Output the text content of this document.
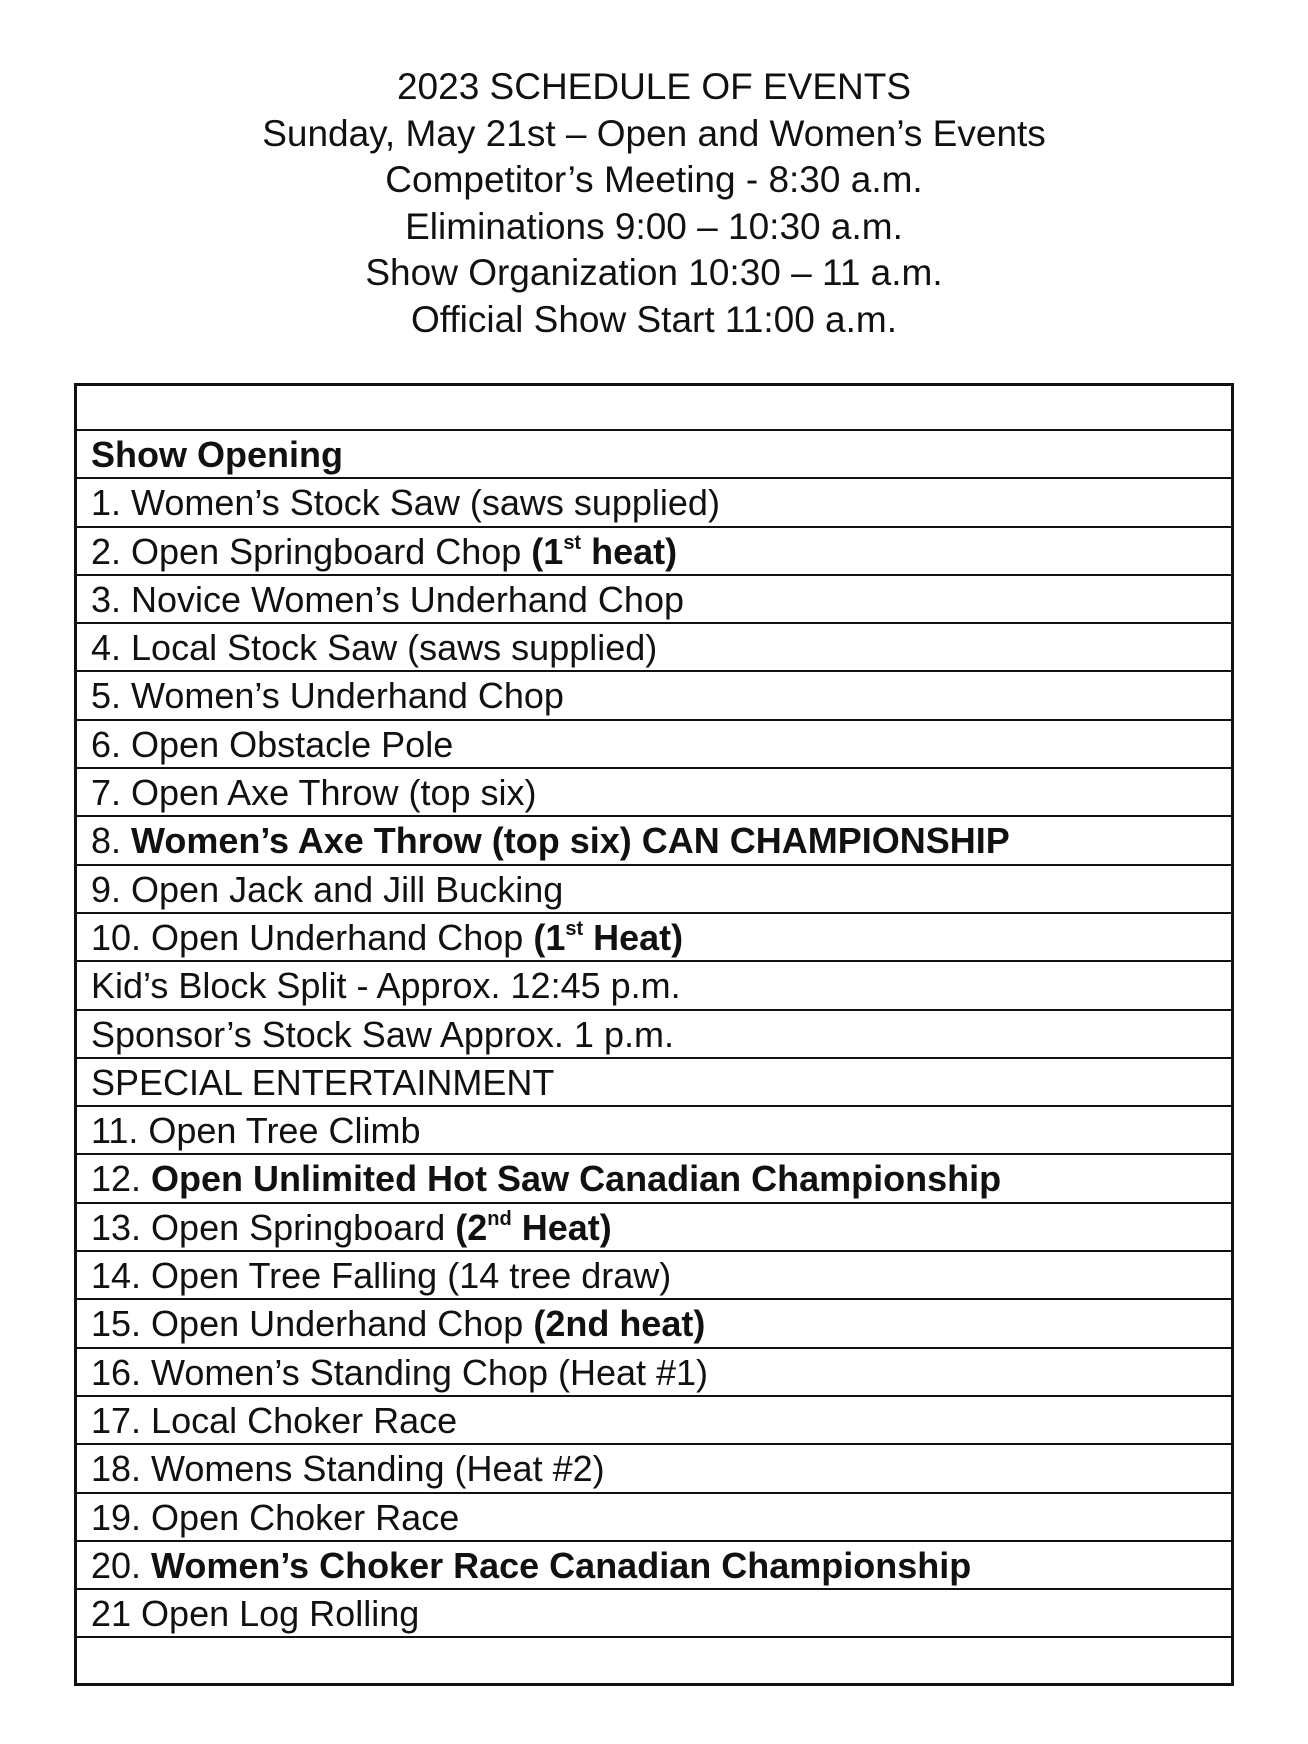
2023 SCHEDULE OF EVENTS
Sunday, May 21st – Open and Women’s Events
Competitor’s Meeting - 8:30 a.m.
Eliminations 9:00 – 10:30 a.m.
Show Organization 10:30 – 11 a.m.
Official Show Start 11:00 a.m.
Show Opening
1. Women’s Stock Saw (saws supplied)
2. Open Springboard Chop (1st heat)
3. Novice Women’s Underhand Chop
4. Local Stock Saw (saws supplied)
5. Women’s Underhand Chop
6. Open Obstacle Pole
7. Open Axe Throw (top six)
8. Women’s Axe Throw (top six) CAN CHAMPIONSHIP
9. Open Jack and Jill Bucking
10. Open Underhand Chop (1st Heat)
Kid’s Block Split - Approx. 12:45 p.m.
Sponsor’s Stock Saw Approx. 1 p.m.
SPECIAL ENTERTAINMENT
11. Open Tree Climb
12. Open Unlimited Hot Saw Canadian Championship
13. Open Springboard (2nd Heat)
14. Open Tree Falling (14 tree draw)
15. Open Underhand Chop (2nd heat)
16. Women’s Standing Chop (Heat #1)
17. Local Choker Race
18. Womens Standing (Heat #2)
19. Open Choker Race
20. Women’s Choker Race Canadian Championship
21 Open Log Rolling
